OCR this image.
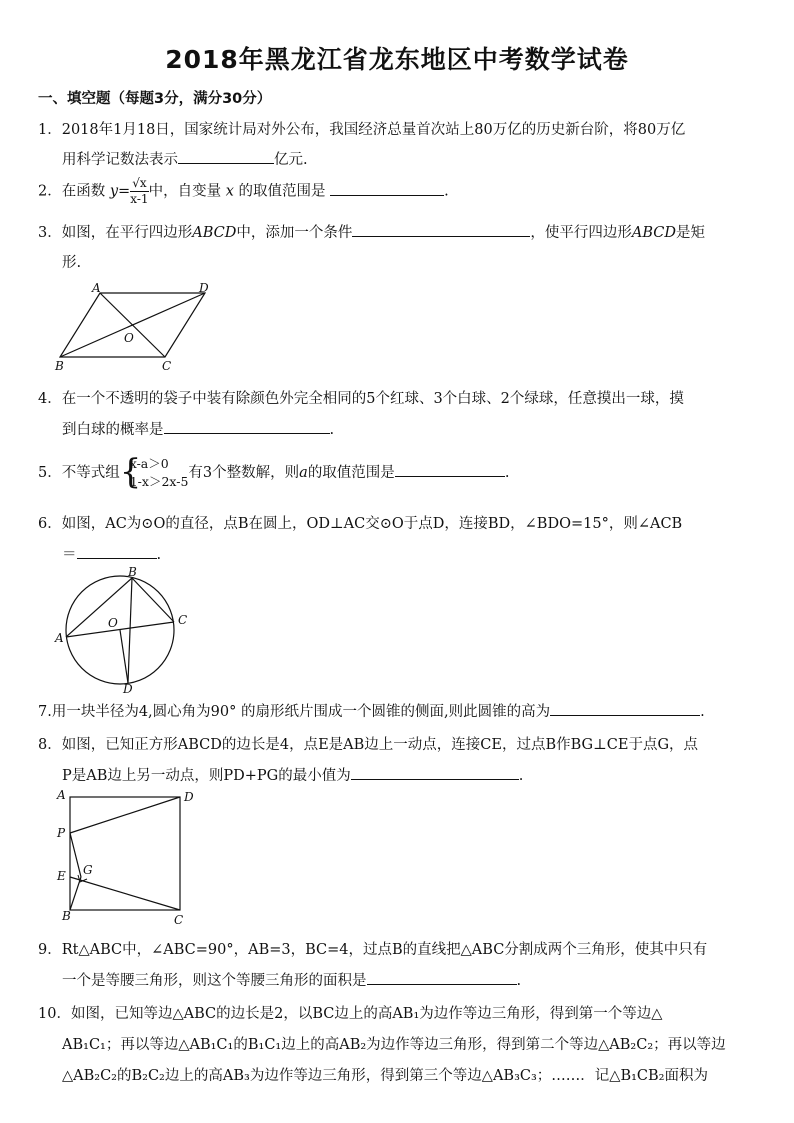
2018年黑龙江省龙东地区中考数学试卷
一、填空题（每题3分，满分30分）
1．2018年1月18日，国家统计局对外公布，我国经济总量首次站上80万亿的历史新台阶，将80万亿
用科学记数法表示	亿元.
2．在函数 $y= \frac{√x}{x-1}$ 中，自变量 x 的取值范围是	.
3．如图，在平行四边形ABCD中，添加一个条件	，使平行四边形ABCD是矩
形.
A	D
B	C
O
4．在一个不透明的袋子中装有除颜色外完全相同的5个红球、3个白球、2个绿球，任意摸出一球，摸
到白球的概率是	.
5．不等式组 {
x-a＞0
1-x＞2x-5
有3个整数解，则a的取值范围是	.
6．如图，AC为⊙O的直径，点B在圆上，OD⊥AC交⊙O于点D，连接BD，∠BDO=15°，则∠ACB
＝	.
A
B
C
D
O
7.用一块半径为4,圆心角为90° 的扇形纸片围成一个圆锥的侧面,则此圆锥的高为	.
8．如图，已知正方形ABCD的边长是4，点E是AB边上一动点，连接CE，过点B作BG⊥CE于点G，点
P是AB边上另一动点，则PD+PG的最小值为	.
A	D
P
E G
B	C
9．Rt△ABC中，∠ABC=90°，AB=3，BC=4，过点B的直线把△ABC分割成两个三角形，使其中只有
一个是等腰三角形，则这个等腰三角形的面积是	.
10．如图，已知等边△ABC的边长是2，以BC边上的高AB₁为边作等边三角形，得到第一个等边△
AB₁C₁；再以等边△AB₁C₁的B₁C₁边上的高AB₂为边作等边三角形，得到第二个等边△AB₂C₂；再以等边
△AB₂C₂的B₂C₂边上的高AB₃为边作等边三角形，得到第三个等边△AB₃C₃；……．记△B₁CB₂面积为
